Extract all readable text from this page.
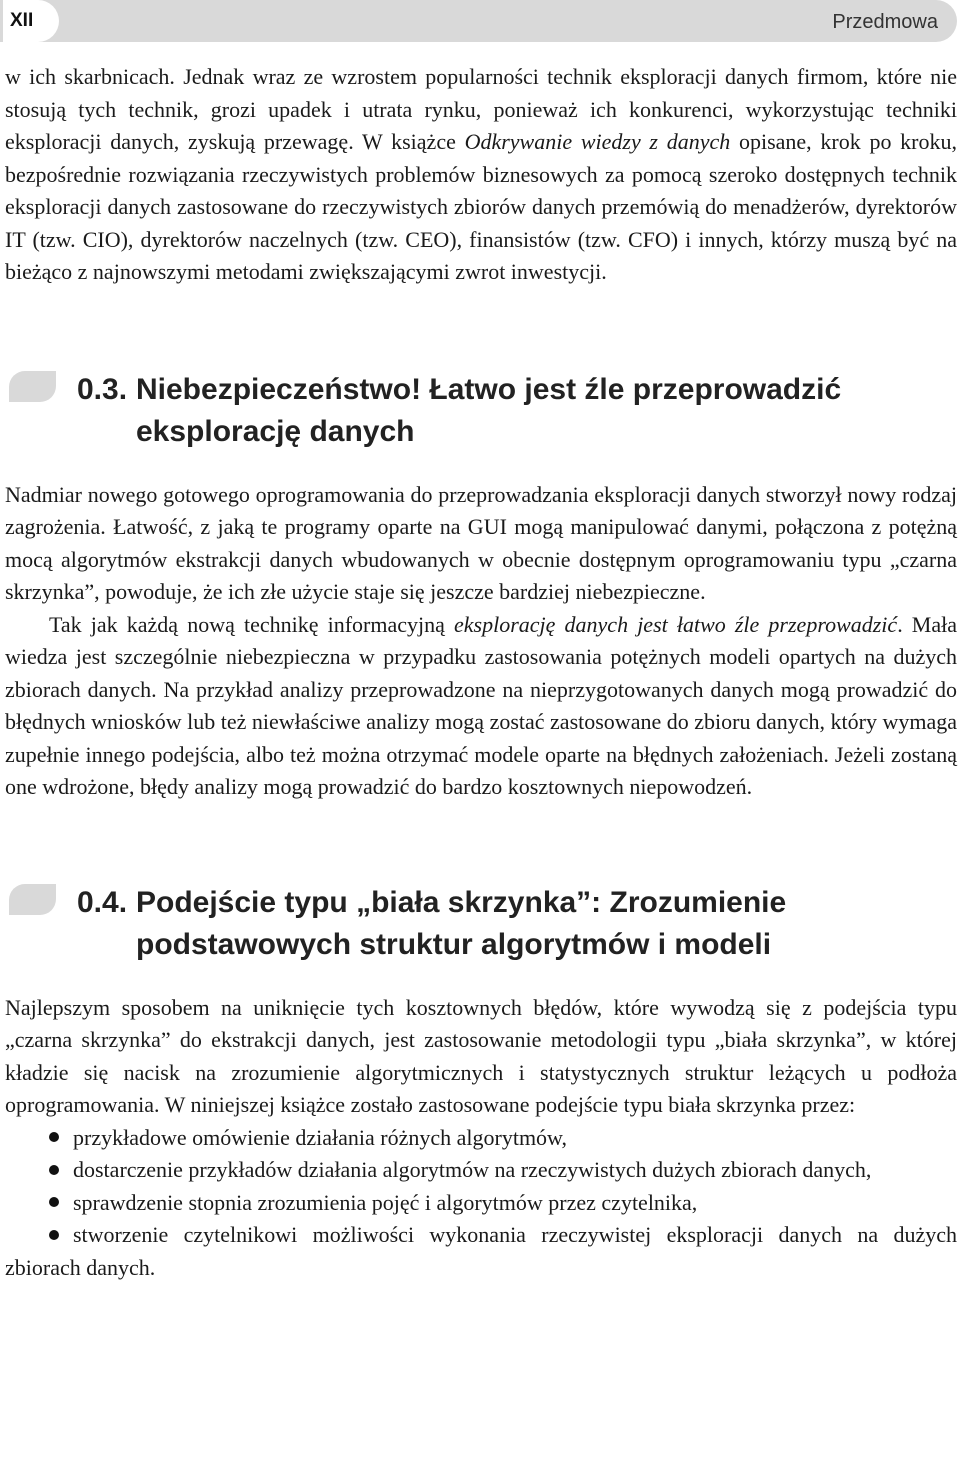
XII	Przedmowa

w ich skarbnicach. Jednak wraz ze wzrostem popularności technik eksploracji danych firmom, które nie stosują tych technik, grozi upadek i utrata rynku, ponieważ ich konkurenci, wykorzystując techniki eksploracji danych, zyskują przewagę. W książce Odkrywanie wiedzy z danych opisane, krok po kroku, bezpośrednie rozwiązania rzeczywistych problemów biznesowych za pomocą szeroko dostępnych technik eksploracji danych zastosowane do rzeczywistych zbiorów danych przemówią do menadżerów, dyrektorów IT (tzw. CIO), dyrektorów naczelnych (tzw. CEO), finansistów (tzw. CFO) i innych, którzy muszą być na bieżąco z najnowszymi metodami zwiększającymi zwrot inwestycji.

0.3. Niebezpieczeństwo! Łatwo jest źle przeprowadzić eksplorację danych

Nadmiar nowego gotowego oprogramowania do przeprowadzania eksploracji danych stworzył nowy rodzaj zagrożenia. Łatwość, z jaką te programy oparte na GUI mogą manipulować danymi, połączona z potężną mocą algorytmów ekstrakcji danych wbudowanych w obecnie dostępnym oprogramowaniu typu „czarna skrzynka”, powoduje, że ich złe użycie staje się jeszcze bardziej niebezpieczne.

Tak jak każdą nową technikę informacyjną eksplorację danych jest łatwo źle przeprowadzić. Mała wiedza jest szczególnie niebezpieczna w przypadku zastosowania potężnych modeli opartych na dużych zbiorach danych. Na przykład analizy przeprowadzone na nieprzygotowanych danych mogą prowadzić do błędnych wniosków lub też niewłaściwe analizy mogą zostać zastosowane do zbioru danych, który wymaga zupełnie innego podejścia, albo też można otrzymać modele oparte na błędnych założeniach. Jeżeli zostaną one wdrożone, błędy analizy mogą prowadzić do bardzo kosztownych niepowodzeń.

0.4. Podejście typu „biała skrzynka”: Zrozumienie podstawowych struktur algorytmów i modeli

Najlepszym sposobem na uniknięcie tych kosztownych błędów, które wywodzą się z podejścia typu „czarna skrzynka” do ekstrakcji danych, jest zastosowanie metodologii typu „biała skrzynka”, w której kładzie się nacisk na zrozumienie algorytmicznych i statystycznych struktur leżących u podłoża oprogramowania. W niniejszej książce zostało zastosowane podejście typu biała skrzynka przez:

przykładowe omówienie działania różnych algorytmów,
dostarczenie przykładów działania algorytmów na rzeczywistych dużych zbiorach danych,
sprawdzenie stopnia zrozumienia pojęć i algorytmów przez czytelnika,
stworzenie czytelnikowi możliwości wykonania rzeczywistej eksploracji danych na dużych zbiorach danych.
